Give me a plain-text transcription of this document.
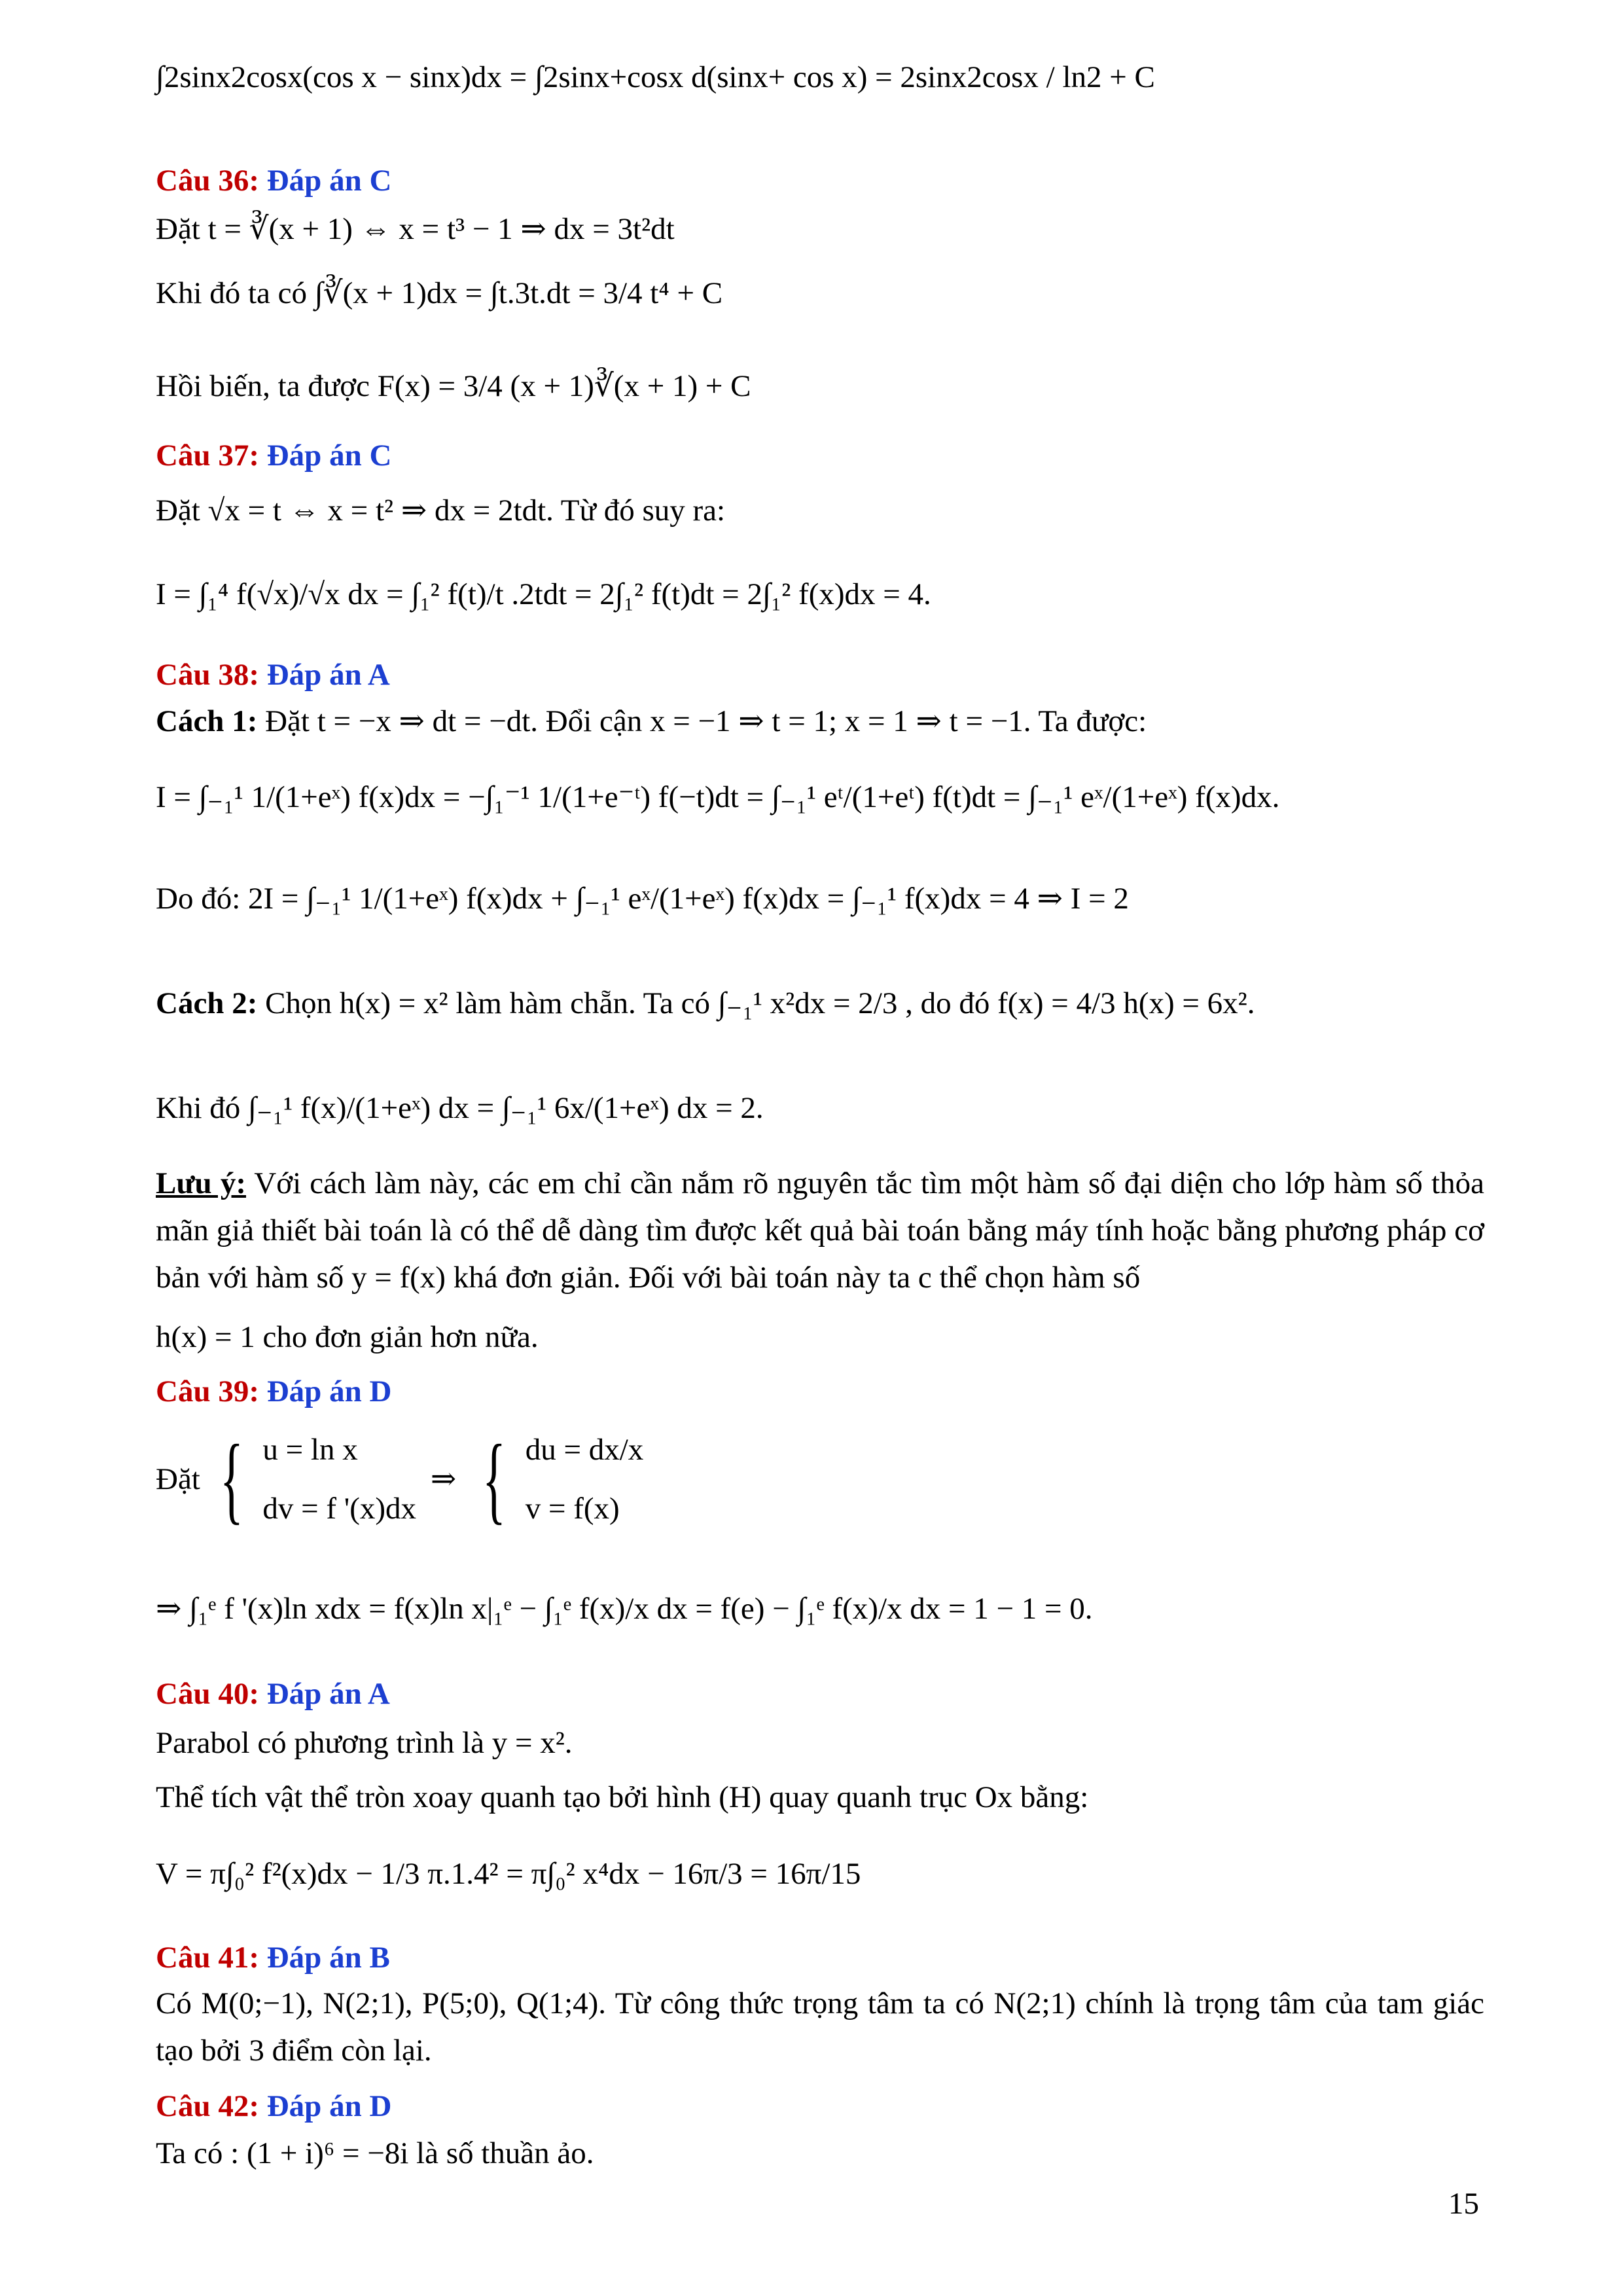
∫2sinx2cosx(cos x − sinx)dx = ∫2sinx+cosx d(sinx+ cos x) = 2sinx2cosx / ln2 + C
Câu 36: Đáp án C
Đặt t = ∛(x + 1) ⇔ x = t³ − 1 ⇒ dx = 3t²dt
Khi đó ta có ∫∛(x + 1)dx = ∫t.3t.dt = 3/4 t⁴ + C
Hồi biến, ta được F(x) = 3/4 (x + 1)∛(x + 1) + C
Câu 37: Đáp án C
Đặt √x = t ⇔ x = t² ⇒ dx = 2tdt. Từ đó suy ra:
I = ∫₁⁴ f(√x)/√x dx = ∫₁² f(t)/t .2tdt = 2∫₁² f(t)dt = 2∫₁² f(x)dx = 4.
Câu 38: Đáp án A
Cách 1: Đặt t = −x ⇒ dt = −dt. Đổi cận x = −1 ⇒ t = 1; x = 1 ⇒ t = −1. Ta được:
I = ∫₋₁¹ 1/(1+eˣ) f(x)dx = −∫₁⁻¹ 1/(1+e⁻ᵗ) f(−t)dt = ∫₋₁¹ eᵗ/(1+eᵗ) f(t)dt = ∫₋₁¹ eˣ/(1+eˣ) f(x)dx.
Do đó: 2I = ∫₋₁¹ 1/(1+eˣ) f(x)dx + ∫₋₁¹ eˣ/(1+eˣ) f(x)dx = ∫₋₁¹ f(x)dx = 4 ⇒ I = 2
Cách 2: Chọn h(x) = x² làm hàm chẵn. Ta có ∫₋₁¹ x²dx = 2/3 , do đó f(x) = 4/3 h(x) = 6x².
Khi đó ∫₋₁¹ f(x)/(1+eˣ) dx = ∫₋₁¹ 6x/(1+eˣ) dx = 2.
Lưu ý: Với cách làm này, các em chỉ cần nắm rõ nguyên tắc tìm một hàm số đại diện cho lớp hàm số thỏa mãn giả thiết bài toán là có thể dễ dàng tìm được kết quả bài toán bằng máy tính hoặc bằng phương pháp cơ bản với hàm số y = f(x) khá đơn giản. Đối với bài toán này ta c thể chọn hàm số
h(x) = 1 cho đơn giản hơn nữa.
Câu 39: Đáp án D
Đặt { u = ln x
dv = f '(x)dx ⇒ { du = dx/x
v = f(x)
⇒ ∫₁ᵉ f '(x)ln xdx = f(x)ln x|₁ᵉ − ∫₁ᵉ f(x)/x dx = f(e) − ∫₁ᵉ f(x)/x dx = 1 − 1 = 0.
Câu 40: Đáp án A
Parabol có phương trình là y = x².
Thể tích vật thể tròn xoay quanh tạo bởi hình (H) quay quanh trục Ox bằng:
V = π∫₀² f²(x)dx − 1/3 π.1.4² = π∫₀² x⁴dx − 16π/3 = 16π/15
Câu 41: Đáp án B
Có M(0;−1), N(2;1), P(5;0), Q(1;4). Từ công thức trọng tâm ta có N(2;1) chính là trọng tâm của tam giác tạo bởi 3 điểm còn lại.
Câu 42: Đáp án D
Ta có : (1 + i)⁶ = −8i là số thuần ảo.
15
